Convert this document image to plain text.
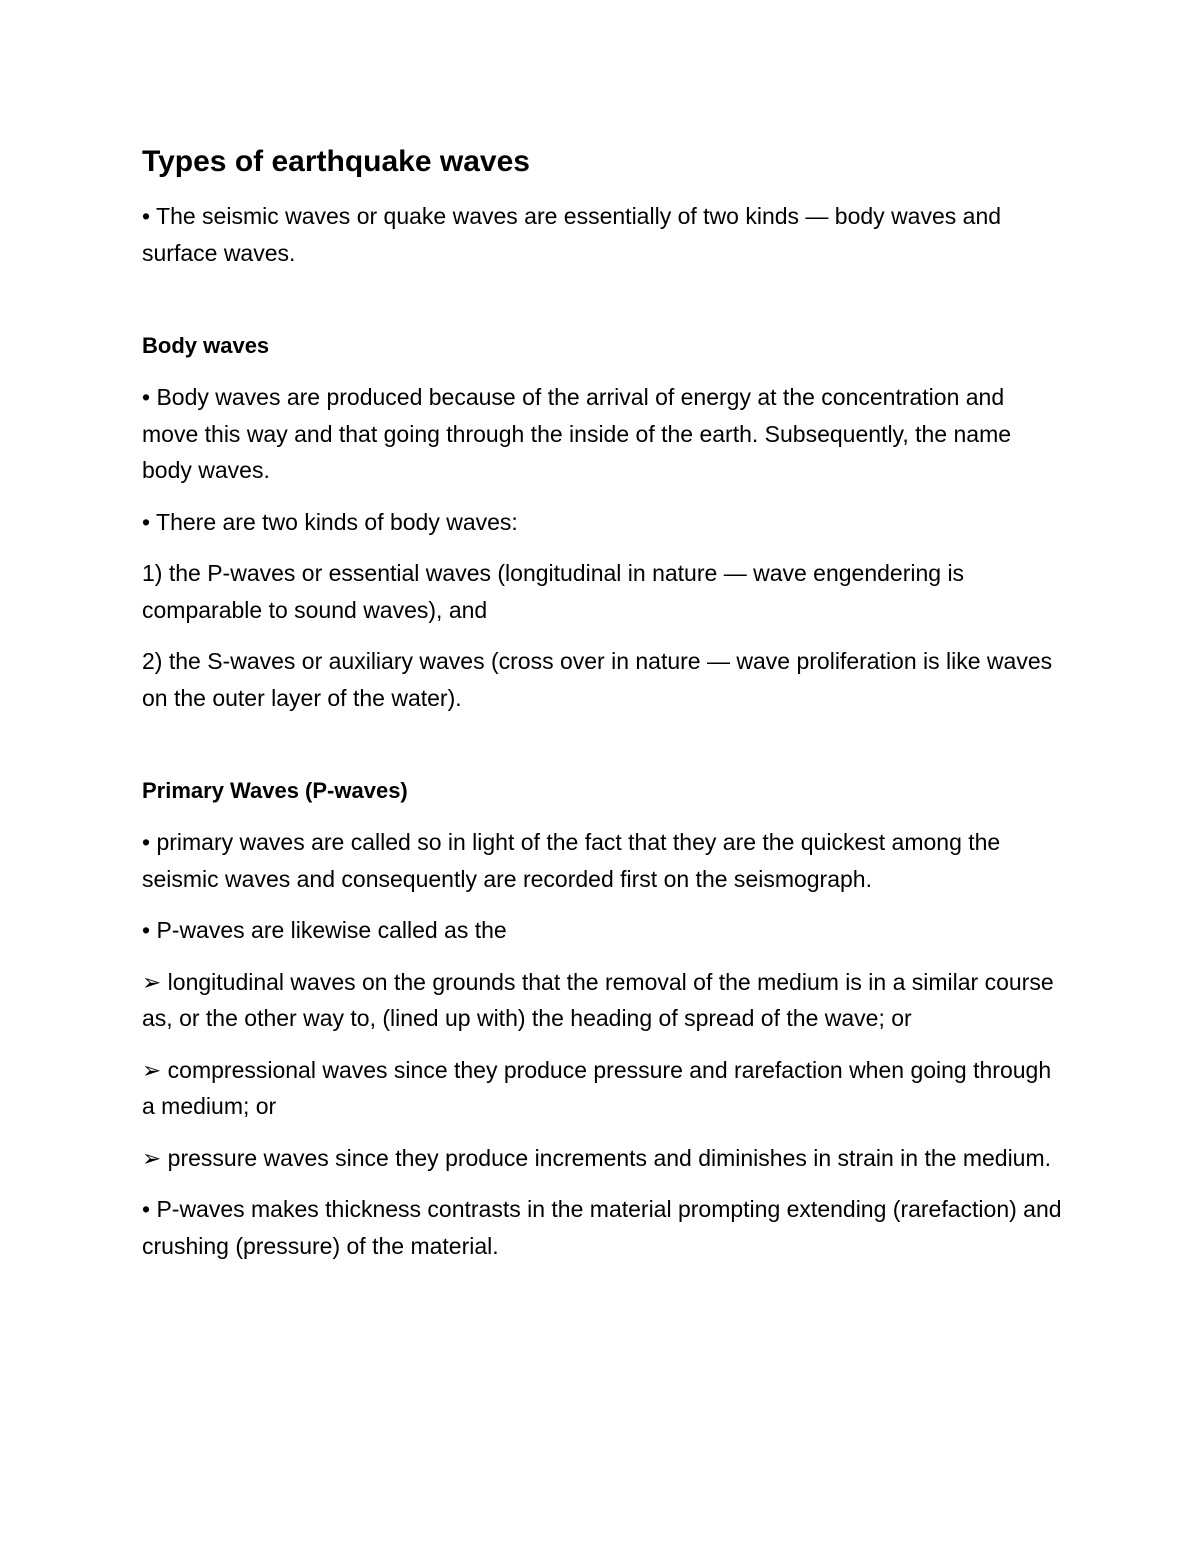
Types of earthquake waves
• The seismic waves or quake waves are essentially of two kinds — body waves and surface waves.
Body waves
• Body waves are produced because of the arrival of energy at the concentration and move this way and that going through the inside of the earth. Subsequently, the name body waves.
• There are two kinds of body waves:
1) the P-waves or essential waves (longitudinal in nature — wave engendering is comparable to sound waves), and
2) the S-waves or auxiliary waves (cross over in nature — wave proliferation is like waves on the outer layer of the water).
Primary Waves (P-waves)
• primary waves are called so in light of the fact that they are the quickest among the seismic waves and consequently are recorded first on the seismograph.
• P-waves are likewise called as the
➢ longitudinal waves on the grounds that the removal of the medium is in a similar course as, or the other way to, (lined up with) the heading of spread of the wave; or
➢ compressional waves since they produce pressure and rarefaction when going through a medium; or
➢ pressure waves since they produce increments and diminishes in strain in the medium.
• P-waves makes thickness contrasts in the material prompting extending (rarefaction) and crushing (pressure) of the material.
